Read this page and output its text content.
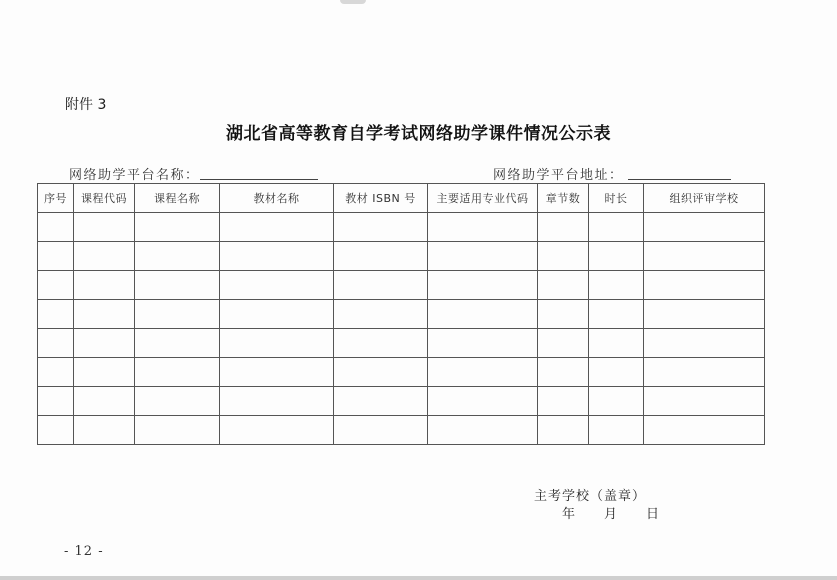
附件 3
湖北省高等教育自学考试网络助学课件情况公示表
网络助学平台名称：	网络助学平台地址：
序号	课程代码	课程名称	教材名称	教材 ISBN 号	主要适用专业代码	章节数	时长	组织评审学校

主考学校（盖章）
年 月 日
- 12 -
